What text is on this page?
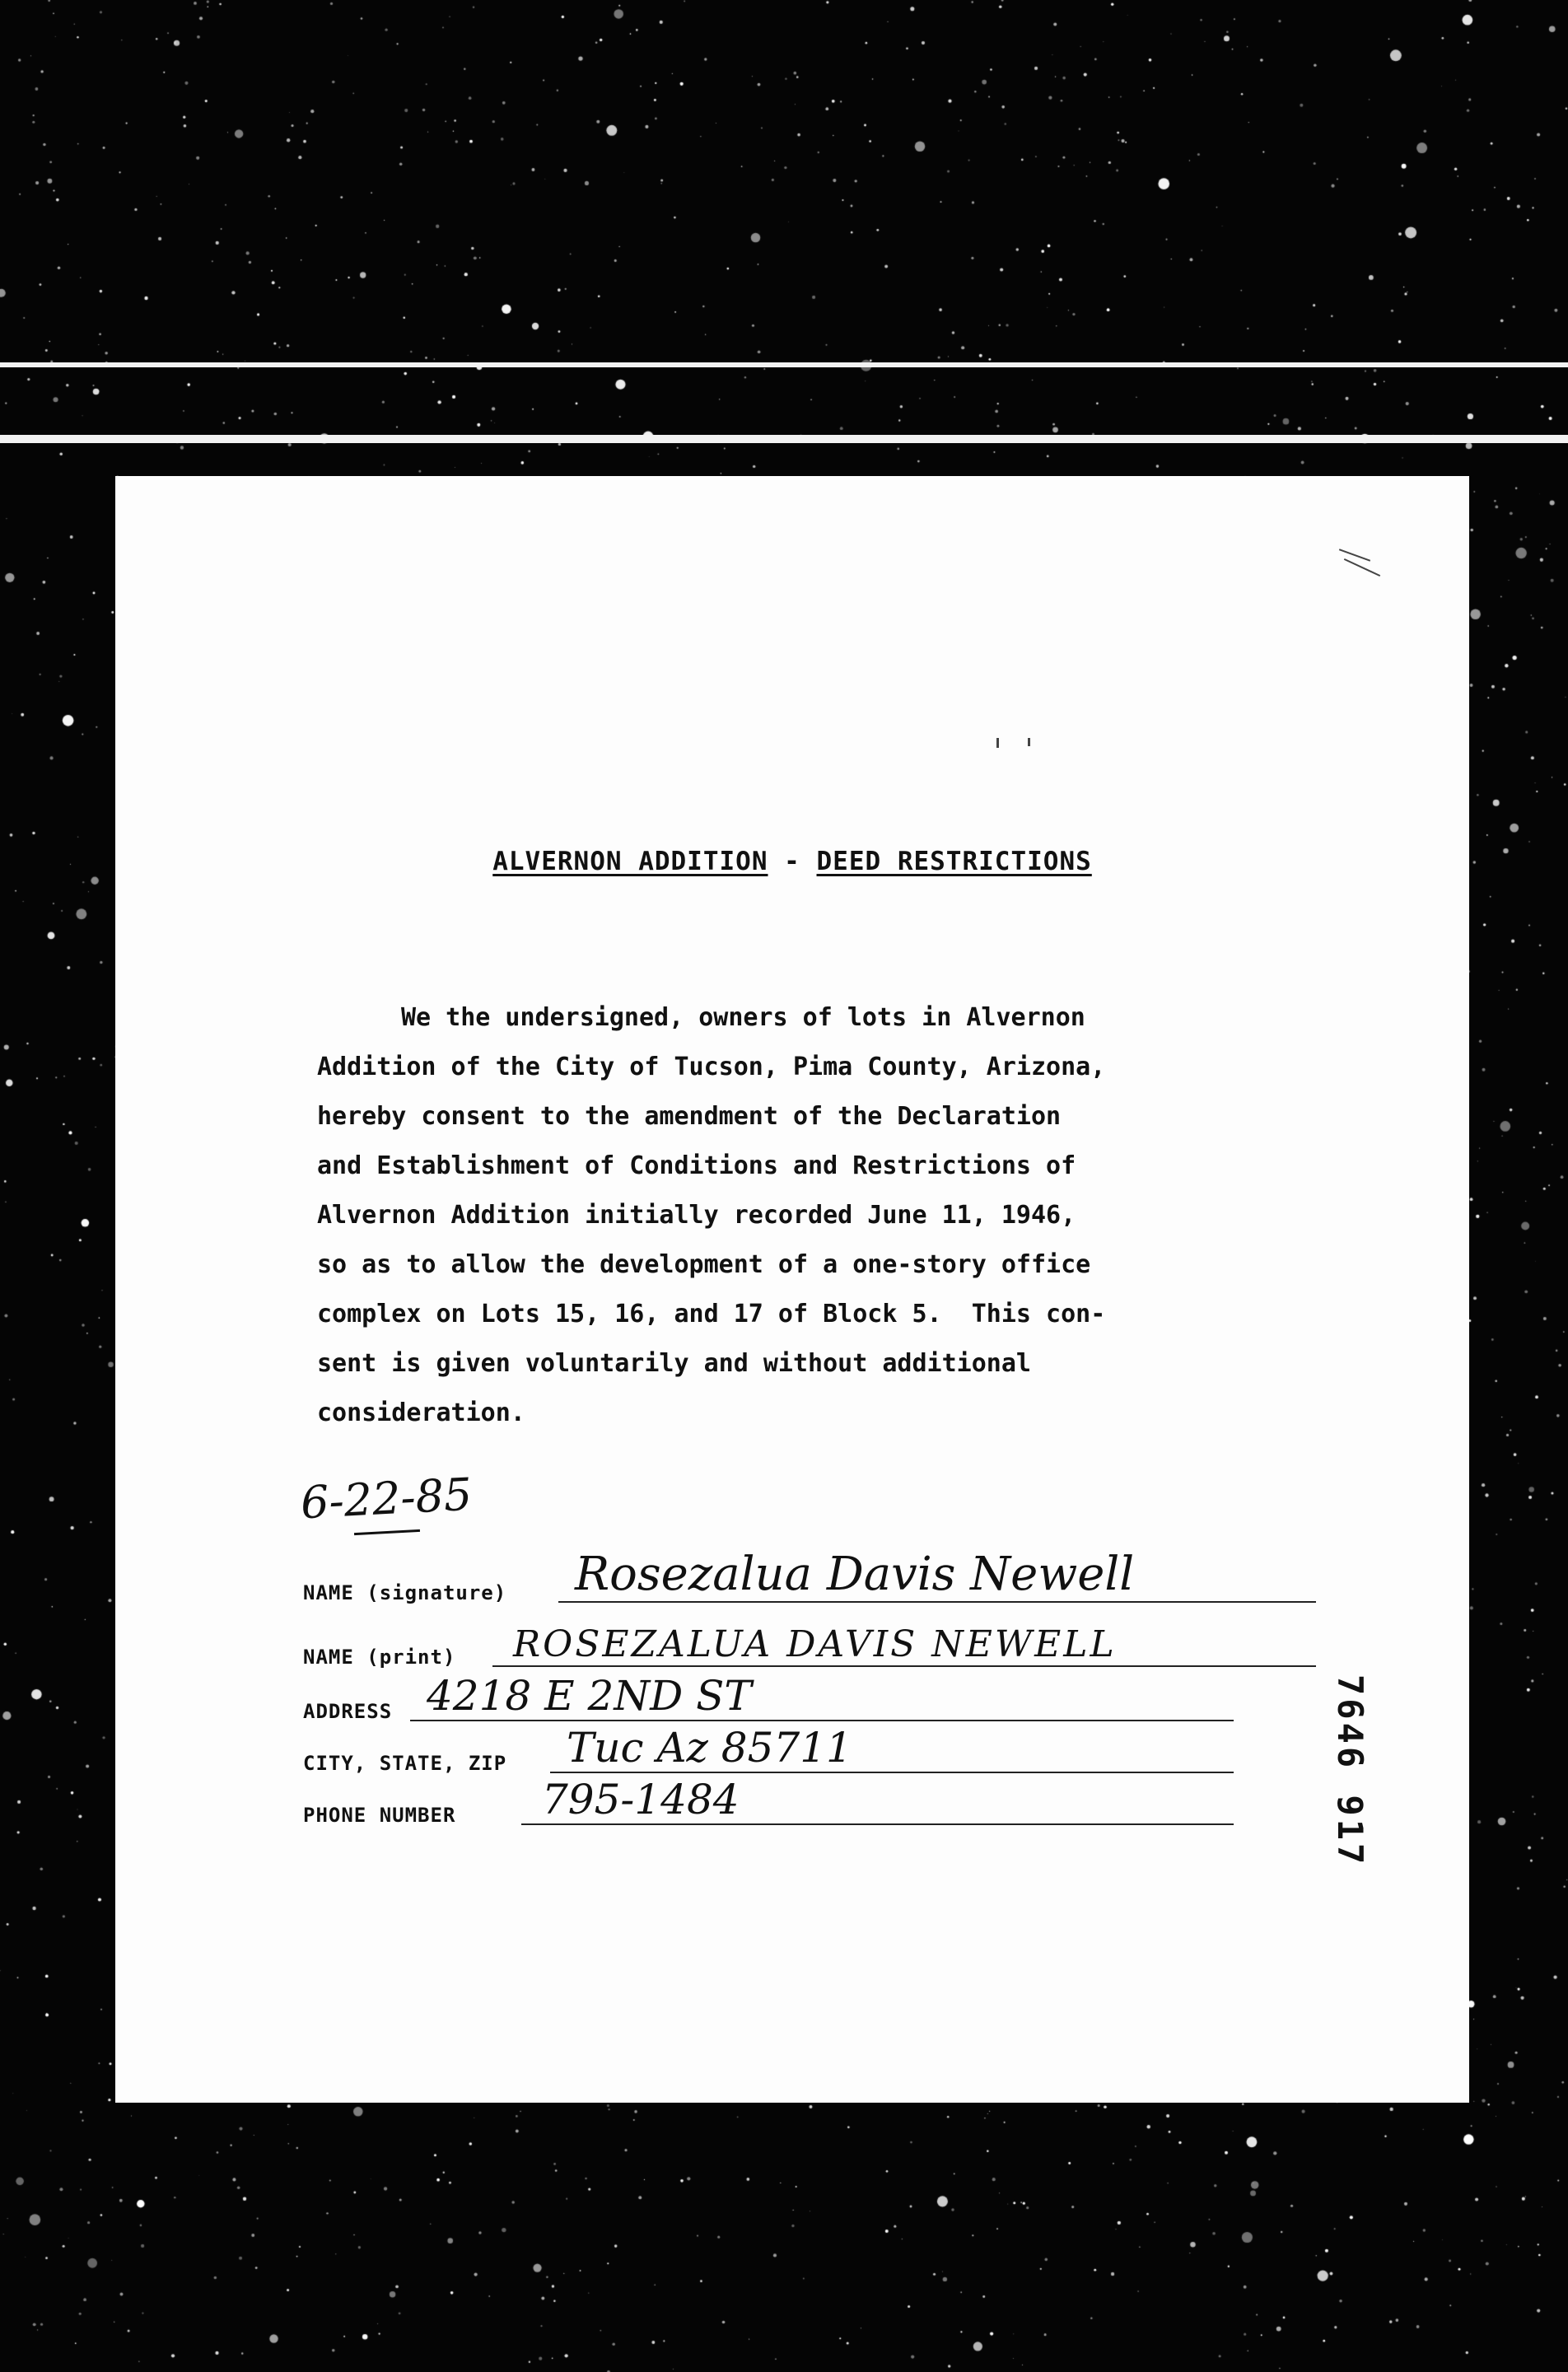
ALVERNON ADDITION - DEED RESTRICTIONS
We the undersigned, owners of lots in Alvernon
Addition of the City of Tucson, Pima County, Arizona,
hereby consent to the amendment of the Declaration
and Establishment of Conditions and Restrictions of
Alvernon Addition initially recorded June 11, 1946,
so as to allow the development of a one-story office
complex on Lots 15, 16, and 17 of Block 5.  This con-
sent is given voluntarily and without additional
consideration.
6-22-85
NAME (signature) Rosezalua Davis Newell
NAME (print) ROSEZALUA DAVIS NEWELL
ADDRESS 4218 E 2ND ST
CITY, STATE, ZIP Tuc Az 85711
PHONE NUMBER 795-1484	7646 917
